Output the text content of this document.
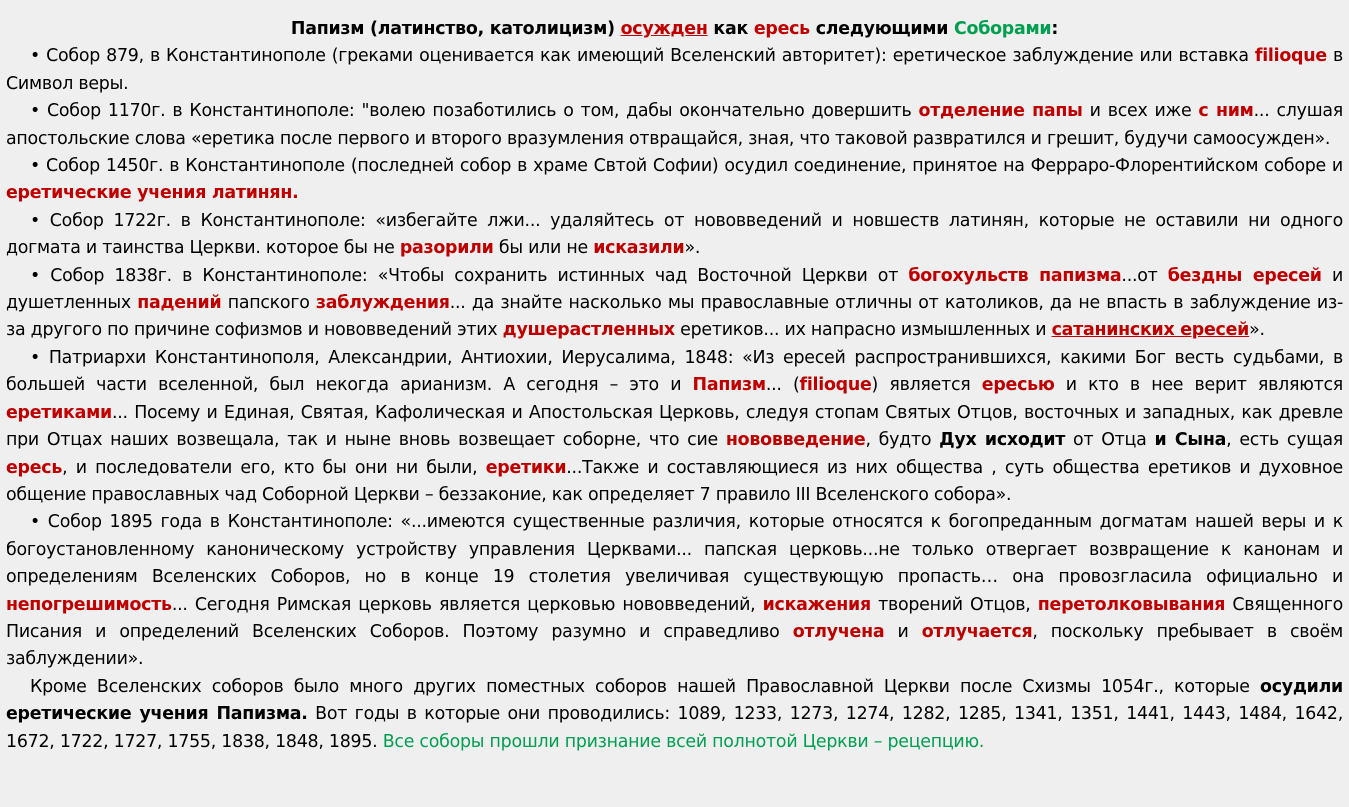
Папизм (латинство, католицизм) осужден как ересь следующими Соборами:

• Собор 879, в Константинополе (греками оценивается как имеющий Вселенский авторитет): еретическое заблуждение или вставка filioque в Символ веры.

• Собор 1170г. в Константинополе: "волею позаботились о том, дабы окончательно довершить отделение папы и всех иже с ним... слушая апостольские слова «еретика после первого и второго вразумления отвращайся, зная, что таковой развратился и грешит, будучи самоосужден».

• Собор 1450г. в Константинополе (последней собор в храме Свтой Софии) осудил соединение, принятое на Ферраро-Флорентийском соборе и еретические учения латинян.

• Собор 1722г. в Константинополе: «избегайте лжи... удаляйтесь от нововведений и новшеств латинян, которые не оставили ни одного догмата и таинства Церкви. которое бы не разорили бы или не исказили».

• Собор 1838г. в Константинополе: «Чтобы сохранить истинных чад Восточной Церкви от богохульств папизма...от бездны ересей и душетленных падений папского заблуждения... да знайте насколько мы православные отличны от католиков, да не впасть в заблуждение из-за другого по причине софизмов и нововведений этих душерастленных еретиков... их напрасно измышленных и сатанинских ересей».

• Патриархи Константинополя, Александрии, Антиохии, Иерусалима, 1848: «Из ересей распространившихся, какими Бог весть судьбами, в большей части вселенной, был некогда арианизм. А сегодня – это и Папизм... (filioque) является ересью и кто в нее верит являются еретиками... Посему и Единая, Святая, Кафолическая и Апостольская Церковь, следуя стопам Святых Отцов, восточных и западных, как древле при Отцах наших возвещала, так и ныне вновь возвещает соборне, что сие нововведение, будто Дух исходит от Отца и Сына, есть сущая ересь, и последователи его, кто бы они ни были, еретики...Также и составляющиеся из них общества , суть общества еретиков и духовное общение православных чад Соборной Церкви – беззаконие, как определяет 7 правило III Вселенского собора».

• Собор 1895 года в Константинополе: «...имеются существенные различия, которые относятся к богопреданным догматам нашей веры и к богоустановленному каноническому устройству управления Церквами... папская церковь...не только отвергает возвращение к канонам и определениям Вселенских Соборов, но в конце 19 столетия увеличивая существующую пропасть… она провозгласила официально и непогрешимость... Сегодня Римская церковь является церковью нововведений, искажения творений Отцов, перетолковывания Священного Писания и определений Вселенских Соборов. Поэтому разумно и справедливо отлучена и отлучается, поскольку пребывает в своём заблуждении».

Кроме Вселенских соборов было много других поместных соборов нашей Православной Церкви после Схизмы 1054г., которые осудили еретические учения Папизма. Вот годы в которые они проводились: 1089, 1233, 1273, 1274, 1282, 1285, 1341, 1351, 1441, 1443, 1484, 1642, 1672, 1722, 1727, 1755, 1838, 1848, 1895. Все соборы прошли признание всей полнотой Церкви – рецепцию.
